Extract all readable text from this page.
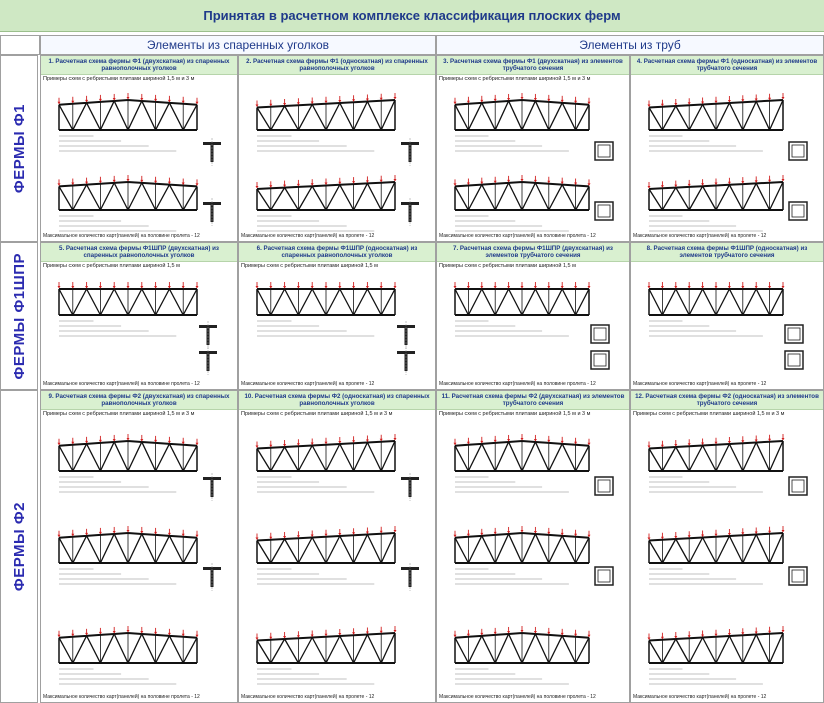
Принятая в расчетном комплексе классификация плоских ферм
Элементы из спаренных уголков	Элементы из труб
ФЕРМЫ Ф1
ФЕРМЫ Ф1ШПР
ФЕРМЫ Ф2
1. Расчетная схема фермы Ф1 (двухскатная) из спаренных равнополочных уголков
Примеры схем с ребристыми плитами шириной 1,5 м и 3 м
Максимальное количество карт(панелей) на половине пролета - 12
2. Расчетная схема фермы Ф1 (односкатная) из спаренных равнополочных уголков
Максимальное количество карт(панелей) на пролете - 12
3. Расчетная схема фермы Ф1 (двухскатная) из элементов трубчатого сечения
Примеры схем с ребристыми плитами шириной 1,5 м и 3 м
Максимальное количество карт(панелей) на половине пролета - 12
4. Расчетная схема фермы Ф1 (односкатная) из элементов трубчатого сечения
Максимальное количество карт(панелей) на пролете - 12
5. Расчетная схема фермы Ф1ШПР (двухскатная) из спаренных равнополочных уголков
Примеры схем с ребристыми плитами шириной 1,5 м
Максимальное количество карт(панелей) на половине пролета - 12
6. Расчетная схема фермы Ф1ШПР (односкатная) из спаренных равнополочных уголков
Примеры схем с ребристыми плитами шириной 1,5 м
Максимальное количество карт(панелей) на пролете - 12
7. Расчетная схема фермы Ф1ШПР (двухскатная) из элементов трубчатого сечения
Примеры схем с ребристыми плитами шириной 1,5 м
Максимальное количество карт(панелей) на половине пролета - 12
8. Расчетная схема фермы Ф1ШПР (односкатная) из элементов трубчатого сечения
Максимальное количество карт(панелей) на пролете - 12
9. Расчетная схема фермы Ф2 (двухскатная) из спаренных равнополочных уголков
Примеры схем с ребристыми плитами шириной 1,5 м и 3 м
Максимальное количество карт(панелей) на половине пролета - 12
10. Расчетная схема фермы Ф2 (односкатная) из спаренных равнополочных уголков
Примеры схем с ребристыми плитами шириной 1,5 м и 3 м
Максимальное количество карт(панелей) на пролете - 12
11. Расчетная схема фермы Ф2 (двухскатная) из элементов трубчатого сечения
Примеры схем с ребристыми плитами шириной 1,5 м и 3 м
Максимальное количество карт(панелей) на половине пролета - 12
12. Расчетная схема фермы Ф2 (односкатная) из элементов трубчатого сечения
Примеры схем с ребристыми плитами шириной 1,5 м и 3 м
Максимальное количество карт(панелей) на пролете - 12
